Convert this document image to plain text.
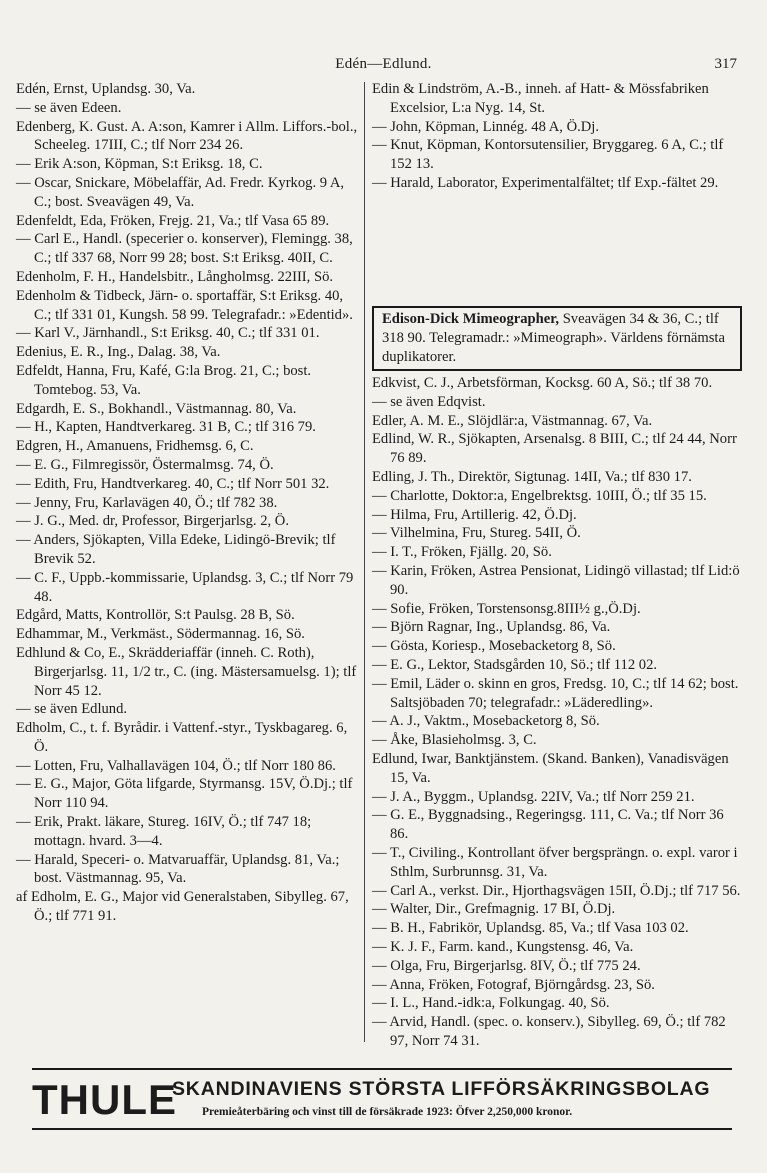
Edén—Edlund.	317

Edén, Ernst, Uplandsg. 30, Va.

— se även Edeen.

Edenberg, K. Gust. A. A:son, Kamrer i Allm. Liffors.-bol., Scheeleg. 17III, C.; tlf Norr 234 26.

— Erik A:son, Köpman, S:t Eriksg. 18, C.

— Oscar, Snickare, Möbelaffär, Ad. Fredr. Kyrkog. 9 A, C.; bost. Sveavägen 49, Va.

Edenfeldt, Eda, Fröken, Frejg. 21, Va.; tlf Vasa 65 89.

— Carl E., Handl. (specerier o. konserver), Flemingg. 38, C.; tlf 337 68, Norr 99 28; bost. S:t Eriksg. 40II, C.

Edenholm, F. H., Handelsbitr., Långholmsg. 22III, Sö.

Edenholm & Tidbeck, Järn- o. sportaffär, S:t Eriksg. 40, C.; tlf 331 01, Kungsh. 58 99. Telegrafadr.: »Edentid».

— Karl V., Järnhandl., S:t Eriksg. 40, C.; tlf 331 01.

Edenius, E. R., Ing., Dalag. 38, Va.

Edfeldt, Hanna, Fru, Kafé, G:la Brog. 21, C.; bost. Tomtebog. 53, Va.

Edgardh, E. S., Bokhandl., Västmannag. 80, Va.

— H., Kapten, Handtverkareg. 31 B, C.; tlf 316 79.

Edgren, H., Amanuens, Fridhemsg. 6, C.

— E. G., Filmregissör, Östermalmsg. 74, Ö.

— Edith, Fru, Handtverkareg. 40, C.; tlf Norr 501 32.

— Jenny, Fru, Karlavägen 40, Ö.; tlf 782 38.

— J. G., Med. dr, Professor, Birgerjarlsg. 2, Ö.

— Anders, Sjökapten, Villa Edeke, Lidingö-Brevik; tlf Brevik 52.

— C. F., Uppb.-kommissarie, Uplandsg. 3, C.; tlf Norr 79 48.

Edgård, Matts, Kontrollör, S:t Paulsg. 28 B, Sö.

Edhammar, M., Verkmäst., Södermannag. 16, Sö.

Edhlund & Co, E., Skrädderiaffär (inneh. C. Roth), Birgerjarlsg. 11, 1/2 tr., C. (ing. Mästersamuelsg. 1); tlf Norr 45 12.

— se även Edlund.

Edholm, C., t. f. Byrådir. i Vattenf.-styr., Tyskbagareg. 6, Ö.

— Lotten, Fru, Valhallavägen 104, Ö.; tlf Norr 180 86.

— E. G., Major, Göta lifgarde, Styrmansg. 15V, Ö.Dj.; tlf Norr 110 94.

— Erik, Prakt. läkare, Stureg. 16IV, Ö.; tlf 747 18; mottagn. hvard. 3—4.

— Harald, Speceri- o. Matvaruaffär, Uplandsg. 81, Va.; bost. Västmannag. 95, Va.

af Edholm, E. G., Major vid Generalstaben, Sibylleg. 67, Ö.; tlf 771 91.

Edin & Lindström, A.-B., inneh. af Hatt- & Mössfabriken Excelsior, L:a Nyg. 14, St.

— John, Köpman, Linnég. 48 A, Ö.Dj.

— Knut, Köpman, Kontorsutensilier, Bryggareg. 6 A, C.; tlf 152 13.

— Harald, Laborator, Experimentalfältet; tlf Exp.-fältet 29.

Edison-Dick Mimeographer, Sveavägen 34 & 36, C.; tlf 318 90. Telegramadr.: »Mimeograph». Världens förnämsta duplikatorer.

Edkvist, C. J., Arbetsförman, Kocksg. 60 A, Sö.; tlf 38 70.

— se även Edqvist.

Edler, A. M. E., Slöjdlär:a, Västmannag. 67, Va.

Edlind, W. R., Sjökapten, Arsenalsg. 8 BIII, C.; tlf 24 44, Norr 76 89.

Edling, J. Th., Direktör, Sigtunag. 14II, Va.; tlf 830 17.

— Charlotte, Doktor:a, Engelbrektsg. 10III, Ö.; tlf 35 15.

— Hilma, Fru, Artillerig. 42, Ö.Dj.

— Vilhelmina, Fru, Stureg. 54II, Ö.

— I. T., Fröken, Fjällg. 20, Sö.

— Karin, Fröken, Astrea Pensionat, Lidingö villastad; tlf Lid:ö 90.

— Sofie, Fröken, Torstensonsg.8III½ g.,Ö.Dj.

— Björn Ragnar, Ing., Uplandsg. 86, Va.

— Gösta, Koriesp., Mosebacketorg 8, Sö.

— E. G., Lektor, Stadsgården 10, Sö.; tlf 112 02.

— Emil, Läder o. skinn en gros, Fredsg. 10, C.; tlf 14 62; bost. Saltsjöbaden 70; telegrafadr.: »Läderedling».

— A. J., Vaktm., Mosebacketorg 8, Sö.

— Åke, Blasieholmsg. 3, C.

Edlund, Iwar, Banktjänstem. (Skand. Banken), Vanadisvägen 15, Va.

— J. A., Byggm., Uplandsg. 22IV, Va.; tlf Norr 259 21.

— G. E., Byggnadsing., Regeringsg. 111, C. Va.; tlf Norr 36 86.

— T., Civiling., Kontrollant öfver bergsprängn. o. expl. varor i Sthlm, Surbrunnsg. 31, Va.

— Carl A., verkst. Dir., Hjorthagsvägen 15II, Ö.Dj.; tlf 717 56.

— Walter, Dir., Grefmagnig. 17 BI, Ö.Dj.

— B. H., Fabrikör, Uplandsg. 85, Va.; tlf Vasa 103 02.

— K. J. F., Farm. kand., Kungstensg. 46, Va.

— Olga, Fru, Birgerjarlsg. 8IV, Ö.; tlf 775 24.

— Anna, Fröken, Fotograf, Björngårdsg. 23, Sö.

— I. L., Hand.-idk:a, Folkungag. 40, Sö.

— Arvid, Handl. (spec. o. konserv.), Sibylleg. 69, Ö.; tlf 782 97, Norr 74 31.

THULE
SKANDINAVIENS STÖRSTA LIFFÖRSÄKRINGSBOLAG
Premieåterbäring och vinst till de försäkrade 1923: Öfver 2,250,000 kronor.
